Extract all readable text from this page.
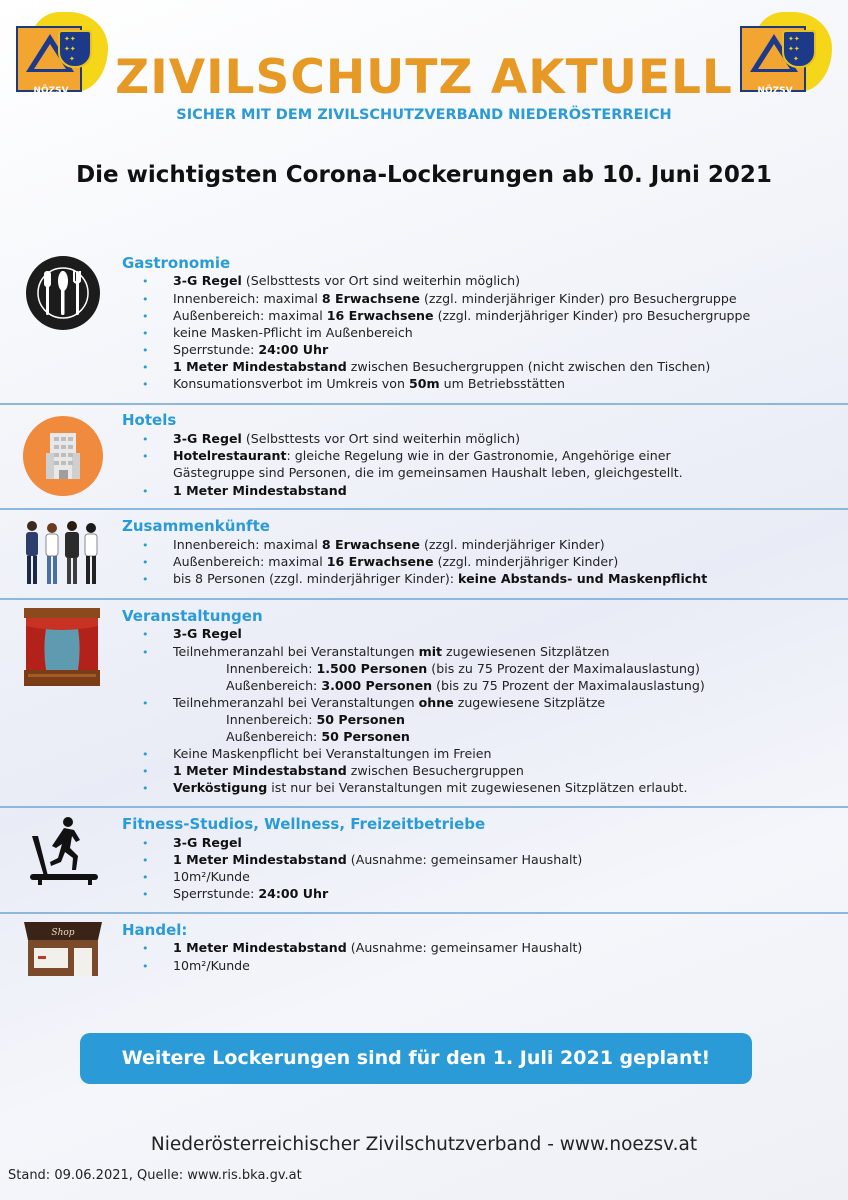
NÖZSV
✦✦
✦✦
✦
NÖZSV
✦✦
✦✦
✦
ZIVILSCHUTZ AKTUELL
SICHER MIT DEM ZIVILSCHUTZVERBAND NIEDERÖSTERREICH
Die wichtigsten Corona-Lockerungen ab 10. Juni 2021
Gastronomie
• 3-G Regel (Selbsttests vor Ort sind weiterhin möglich)
• Innenbereich: maximal 8 Erwachsene (zzgl. minderjähriger Kinder) pro Besuchergruppe
• Außenbereich: maximal 16 Erwachsene (zzgl. minderjähriger Kinder) pro Besuchergruppe
• keine Masken-Pflicht im Außenbereich
• Sperrstunde: 24:00 Uhr
• 1 Meter Mindestabstand zwischen Besuchergruppen (nicht zwischen den Tischen)
• Konsumationsverbot im Umkreis von 50m um Betriebsstätten
Hotels
• 3-G Regel (Selbsttests vor Ort sind weiterhin möglich)
• Hotelrestaurant: gleiche Regelung wie in der Gastronomie, Angehörige einer
Gästegruppe sind Personen, die im gemeinsamen Haushalt leben, gleichgestellt.
• 1 Meter Mindestabstand
Zusammenkünfte
• Innenbereich: maximal 8 Erwachsene (zzgl. minderjähriger Kinder)
• Außenbereich: maximal 16 Erwachsene (zzgl. minderjähriger Kinder)
• bis 8 Personen (zzgl. minderjähriger Kinder): keine Abstands- und Maskenpflicht
Veranstaltungen
• 3-G Regel
• Teilnehmeranzahl bei Veranstaltungen mit zugewiesenen Sitzplätzen
Innenbereich: 1.500 Personen (bis zu 75 Prozent der Maximalauslastung)
Außenbereich: 3.000 Personen (bis zu 75 Prozent der Maximalauslastung)
• Teilnehmeranzahl bei Veranstaltungen ohne zugewiesene Sitzplätze
Innenbereich: 50 Personen
Außenbereich: 50 Personen
• Keine Maskenpflicht bei Veranstaltungen im Freien
• 1 Meter Mindestabstand zwischen Besuchergruppen
• Verköstigung ist nur bei Veranstaltungen mit zugewiesenen Sitzplätzen erlaubt.
Fitness-Studios, Wellness, Freizeitbetriebe
• 3-G Regel
• 1 Meter Mindestabstand (Ausnahme: gemeinsamer Haushalt)
• 10m²/Kunde
• Sperrstunde: 24:00 Uhr
Shop	Handel:
• 1 Meter Mindestabstand (Ausnahme: gemeinsamer Haushalt)
• 10m²/Kunde
Weitere Lockerungen sind für den 1. Juli 2021 geplant!
Niederösterreichischer Zivilschutzverband - www.noezsv.at
Stand: 09.06.2021, Quelle: www.ris.bka.gv.at
